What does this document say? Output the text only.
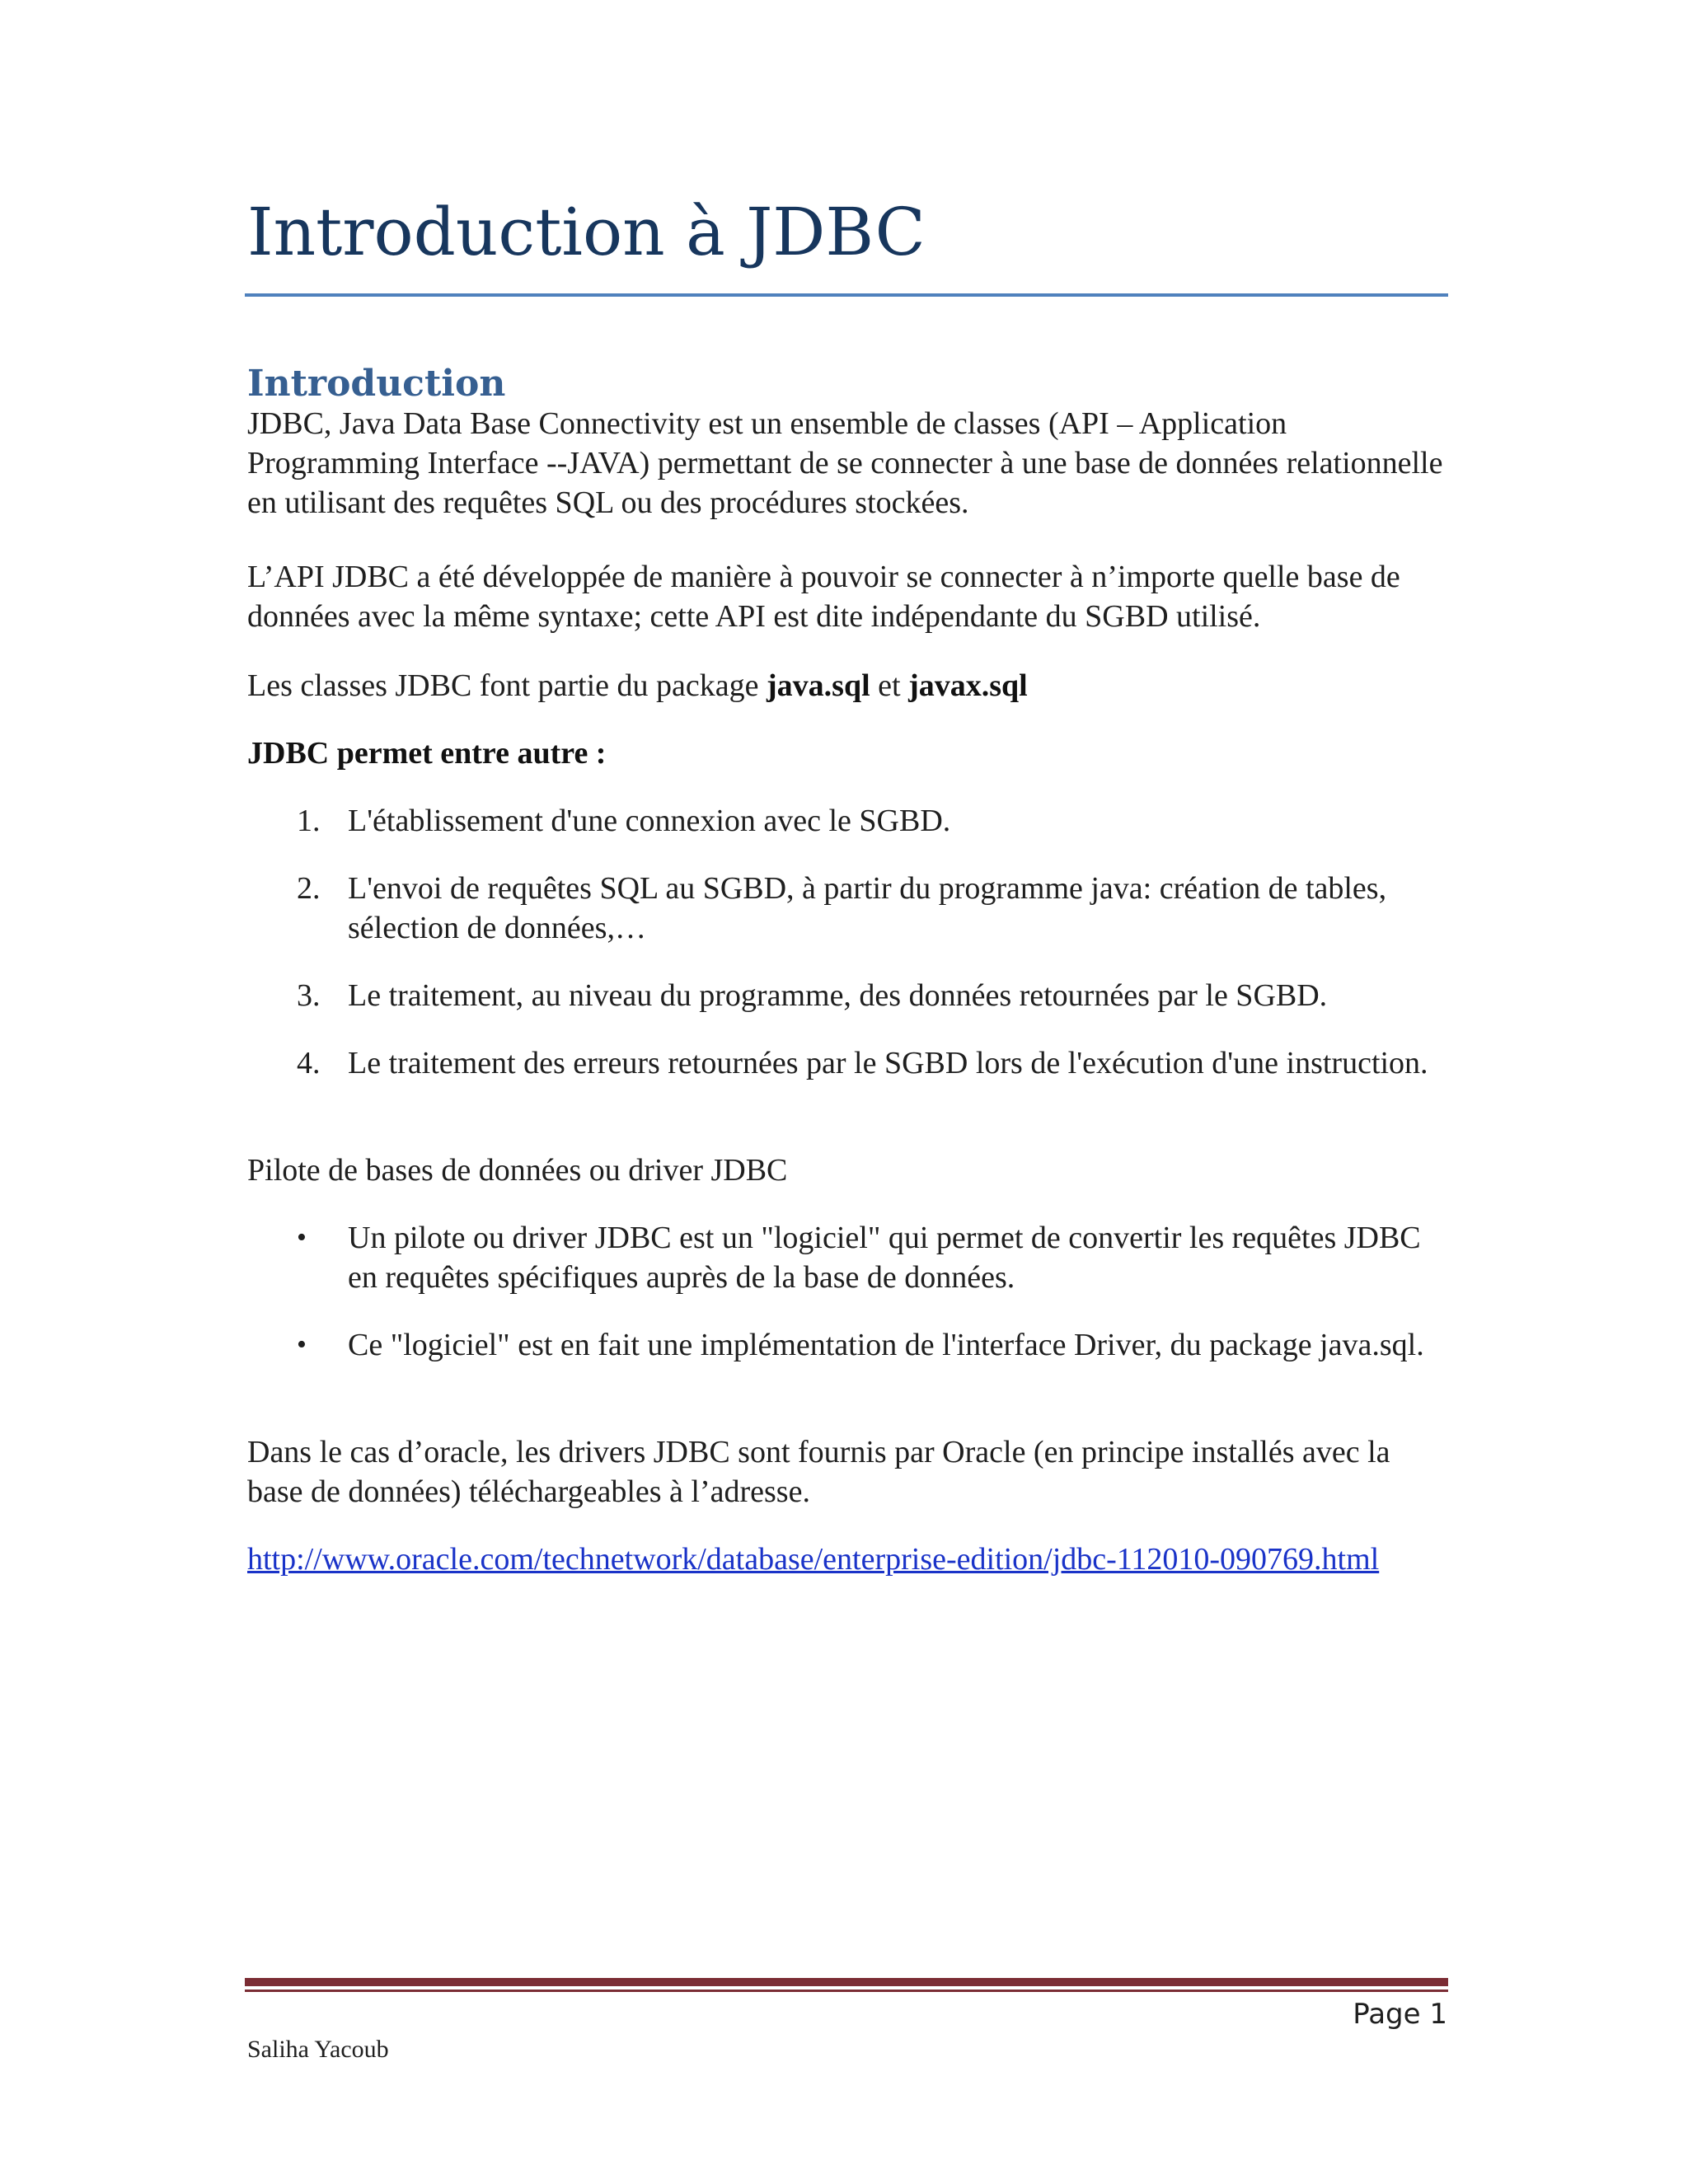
Introduction à JDBC
Introduction

JDBC, Java Data Base Connectivity est un ensemble de classes (API – Application Programming Interface --JAVA) permettant de se connecter à une base de données relationnelle en utilisant des requêtes SQL ou des procédures stockées.

L’API JDBC a été développée de manière à pouvoir se connecter à n’importe quelle base de données avec la même syntaxe; cette API est dite indépendante du SGBD utilisé.

Les classes JDBC font partie du package java.sql et javax.sql

JDBC permet entre autre :

1. L'établissement d'une connexion avec le SGBD.
2. L'envoi de requêtes SQL au SGBD, à partir du programme java: création de tables, sélection de données,…
3. Le traitement, au niveau du programme, des données retournées par le SGBD.
4. Le traitement des erreurs retournées par le SGBD lors de l'exécution d'une instruction.

Pilote de bases de données ou driver JDBC

•	Un pilote ou driver JDBC est un "logiciel" qui permet de convertir les requêtes JDBC en requêtes spécifiques auprès de la base de données.
•	Ce "logiciel" est en fait une implémentation de l'interface Driver, du package java.sql.

Dans le cas d’oracle, les drivers JDBC sont fournis par Oracle (en principe installés avec la base de données) téléchargeables à l’adresse.

http://www.oracle.com/technetwork/database/enterprise-edition/jdbc-112010-090769.html
Page 1
Saliha Yacoub
